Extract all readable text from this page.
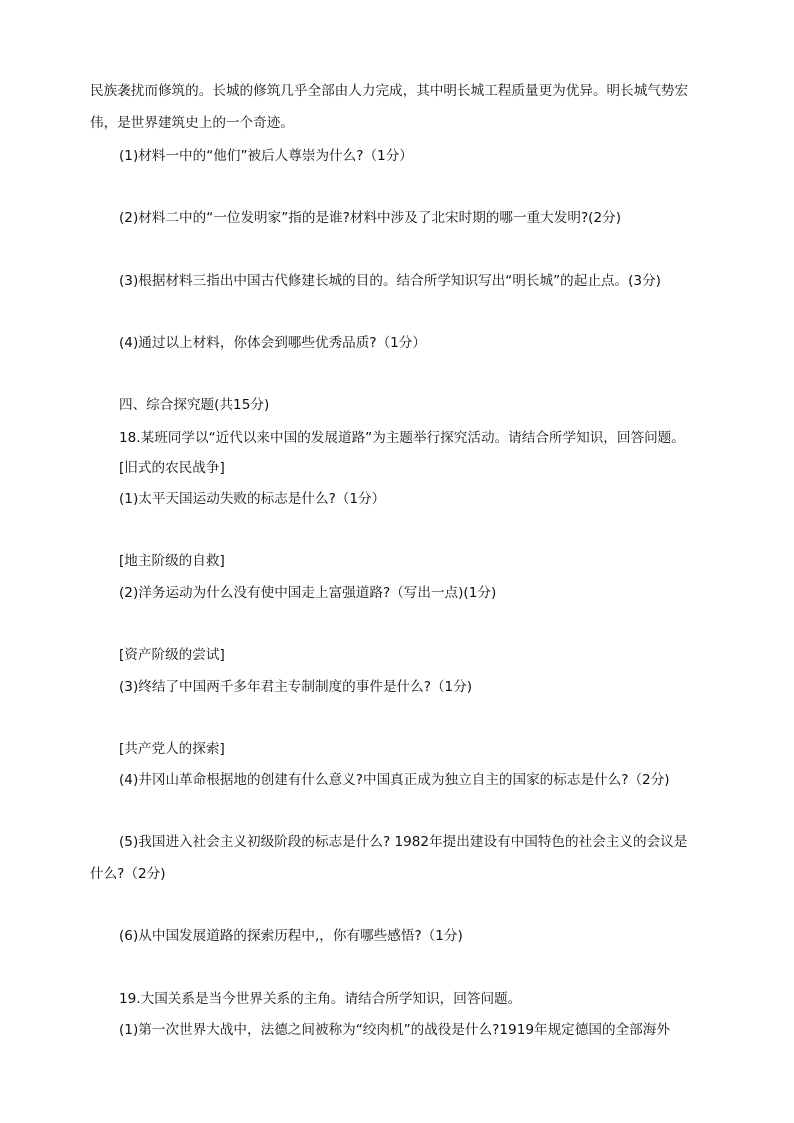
民族袭扰而修筑的。长城的修筑几乎全部由人力完成，其中明长城工程质量更为优异。明长城气势宏
伟，是世界建筑史上的一个奇迹。
(1)材料一中的“他们”被后人尊崇为什么?（1分）
(2)材料二中的“一位发明家”指的是谁?材料中涉及了北宋时期的哪一重大发明?(2分)
(3)根据材料三指出中国古代修建长城的目的。结合所学知识写出“明长城”的起止点。(3分)
(4)通过以上材料，你体会到哪些优秀品质?（1分）
四、综合探究题(共15分)
18.某班同学以“近代以来中国的发展道路”为主题举行探究活动。请结合所学知识，回答问题。
[旧式的农民战争]
(1)太平天国运动失败的标志是什么?（1分）
[地主阶级的自救]
(2)洋务运动为什么没有使中国走上富强道路?（写出一点)(1分)
[资产阶级的尝试]
(3)终结了中国两千多年君主专制制度的事件是什么?（1分)
[共产党人的探索]
(4)井冈山革命根据地的创建有什么意义?中国真正成为独立自主的国家的标志是什么?（2分)
(5)我国进入社会主义初级阶段的标志是什么? 1982年提出建设有中国特色的社会主义的会议是
什么?（2分)
(6)从中国发展道路的探索历程中,，你有哪些感悟?（1分)
19.大国关系是当今世界关系的主角。请结合所学知识，回答问题。
(1)第一次世界大战中，法德之间被称为“绞肉机”的战役是什么?1919年规定德国的全部海外
